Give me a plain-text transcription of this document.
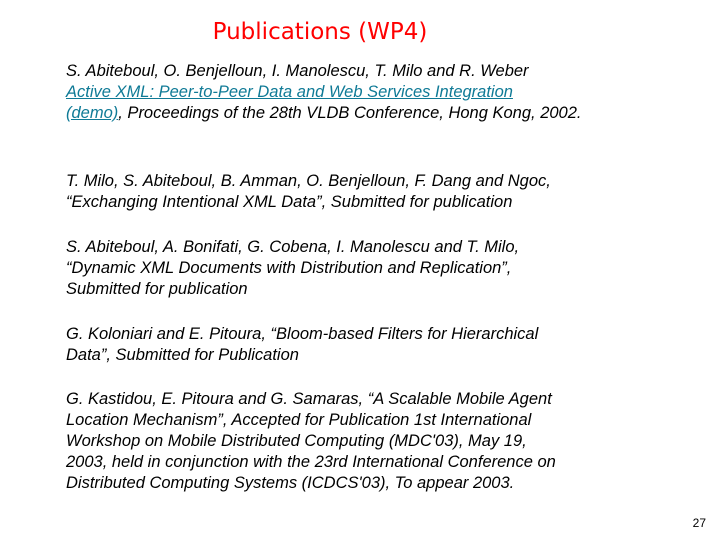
Publications (WP4)
S. Abiteboul, O. Benjelloun, I. Manolescu, T. Milo and R. Weber
Active XML: Peer-to-Peer Data and Web Services Integration
(demo), Proceedings of the 28th VLDB Conference, Hong Kong, 2002.
T. Milo, S. Abiteboul, B. Amman, O. Benjelloun, F. Dang and Ngoc,
“Exchanging Intentional XML Data”, Submitted for publication
S. Abiteboul, A. Bonifati, G. Cobena, I. Manolescu and T. Milo,
“Dynamic XML Documents with Distribution and Replication”,
Submitted for publication
G. Koloniari and E. Pitoura, “Bloom-based Filters for Hierarchical
Data”, Submitted for Publication
G. Kastidou, E. Pitoura and G. Samaras, “A Scalable Mobile Agent
Location Mechanism”, Accepted for Publication 1st International
Workshop on Mobile Distributed Computing (MDC'03), May 19,
2003, held in conjunction with the 23rd International Conference on
Distributed Computing Systems (ICDCS'03), To appear 2003.
27
